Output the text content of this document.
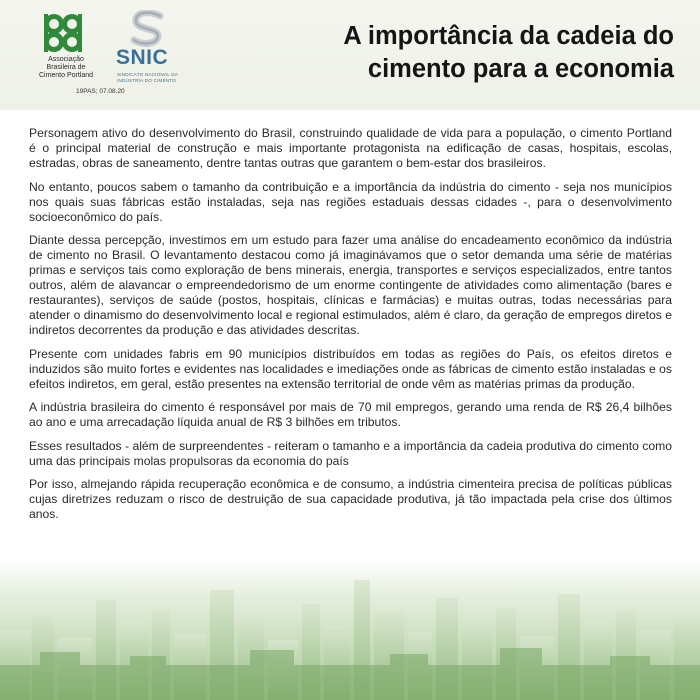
Associação
Brasileira de
Cimento Portland
SNIC
SINDICATO NACIONAL DA
INDÚSTRIA DO CIMENTO
19PAS; 07.08.20
A importância da cadeia do
cimento para a economia

Personagem ativo do desenvolvimento do Brasil, construindo qualidade de vida para a população, o cimento Portland é o principal material de construção e mais importante protagonista na edificação de casas, hospitais, escolas, estradas, obras de saneamento, dentre tantas outras que garantem o bem-estar dos brasileiros.

No entanto, poucos sabem o tamanho da contribuição e a importância da indústria do cimento - seja nos municípios nos quais suas fábricas estão instaladas, seja nas regiões estaduais dessas cidades -, para o desenvolvimento socioeconômico do país.

Diante dessa percepção, investimos em um estudo para fazer uma análise do encadeamento econômico da indústria de cimento no Brasil. O levantamento destacou como já imaginávamos que o setor demanda uma série de matérias primas e serviços tais como exploração de bens minerais, energia, transportes e serviços especializados, entre tantos outros, além de alavancar o empreendedorismo de um enorme contingente de atividades como alimentação (bares e restaurantes), serviços de saúde (postos, hospitais, clínicas e farmácias) e muitas outras, todas necessárias para atender o dinamismo do desenvolvimento local e regional estimulados, além é claro, da geração de empregos diretos e indiretos decorrentes da produção e das atividades descritas.

Presente com unidades fabris em 90 municípios distribuídos em todas as regiões do País, os efeitos diretos e induzidos são muito fortes e evidentes nas localidades e imediações onde as fábricas de cimento estão instaladas e os efeitos indiretos, em geral, estão presentes na extensão territorial de onde vêm as matérias primas da produção.

A indústria brasileira do cimento é responsável por mais de 70 mil empregos, gerando uma renda de R$ 26,4 bilhões ao ano e uma arrecadação líquida anual de R$ 3 bilhões em tributos.

Esses resultados - além de surpreendentes - reiteram o tamanho e a importância da cadeia produtiva do cimento como uma das principais molas propulsoras da economia do país

Por isso, almejando rápida recuperação econômica e de consumo, a indústria cimenteira precisa de políticas públicas cujas diretrizes reduzam o risco de destruição de sua capacidade produtiva, já tão impactada pela crise dos últimos anos.
